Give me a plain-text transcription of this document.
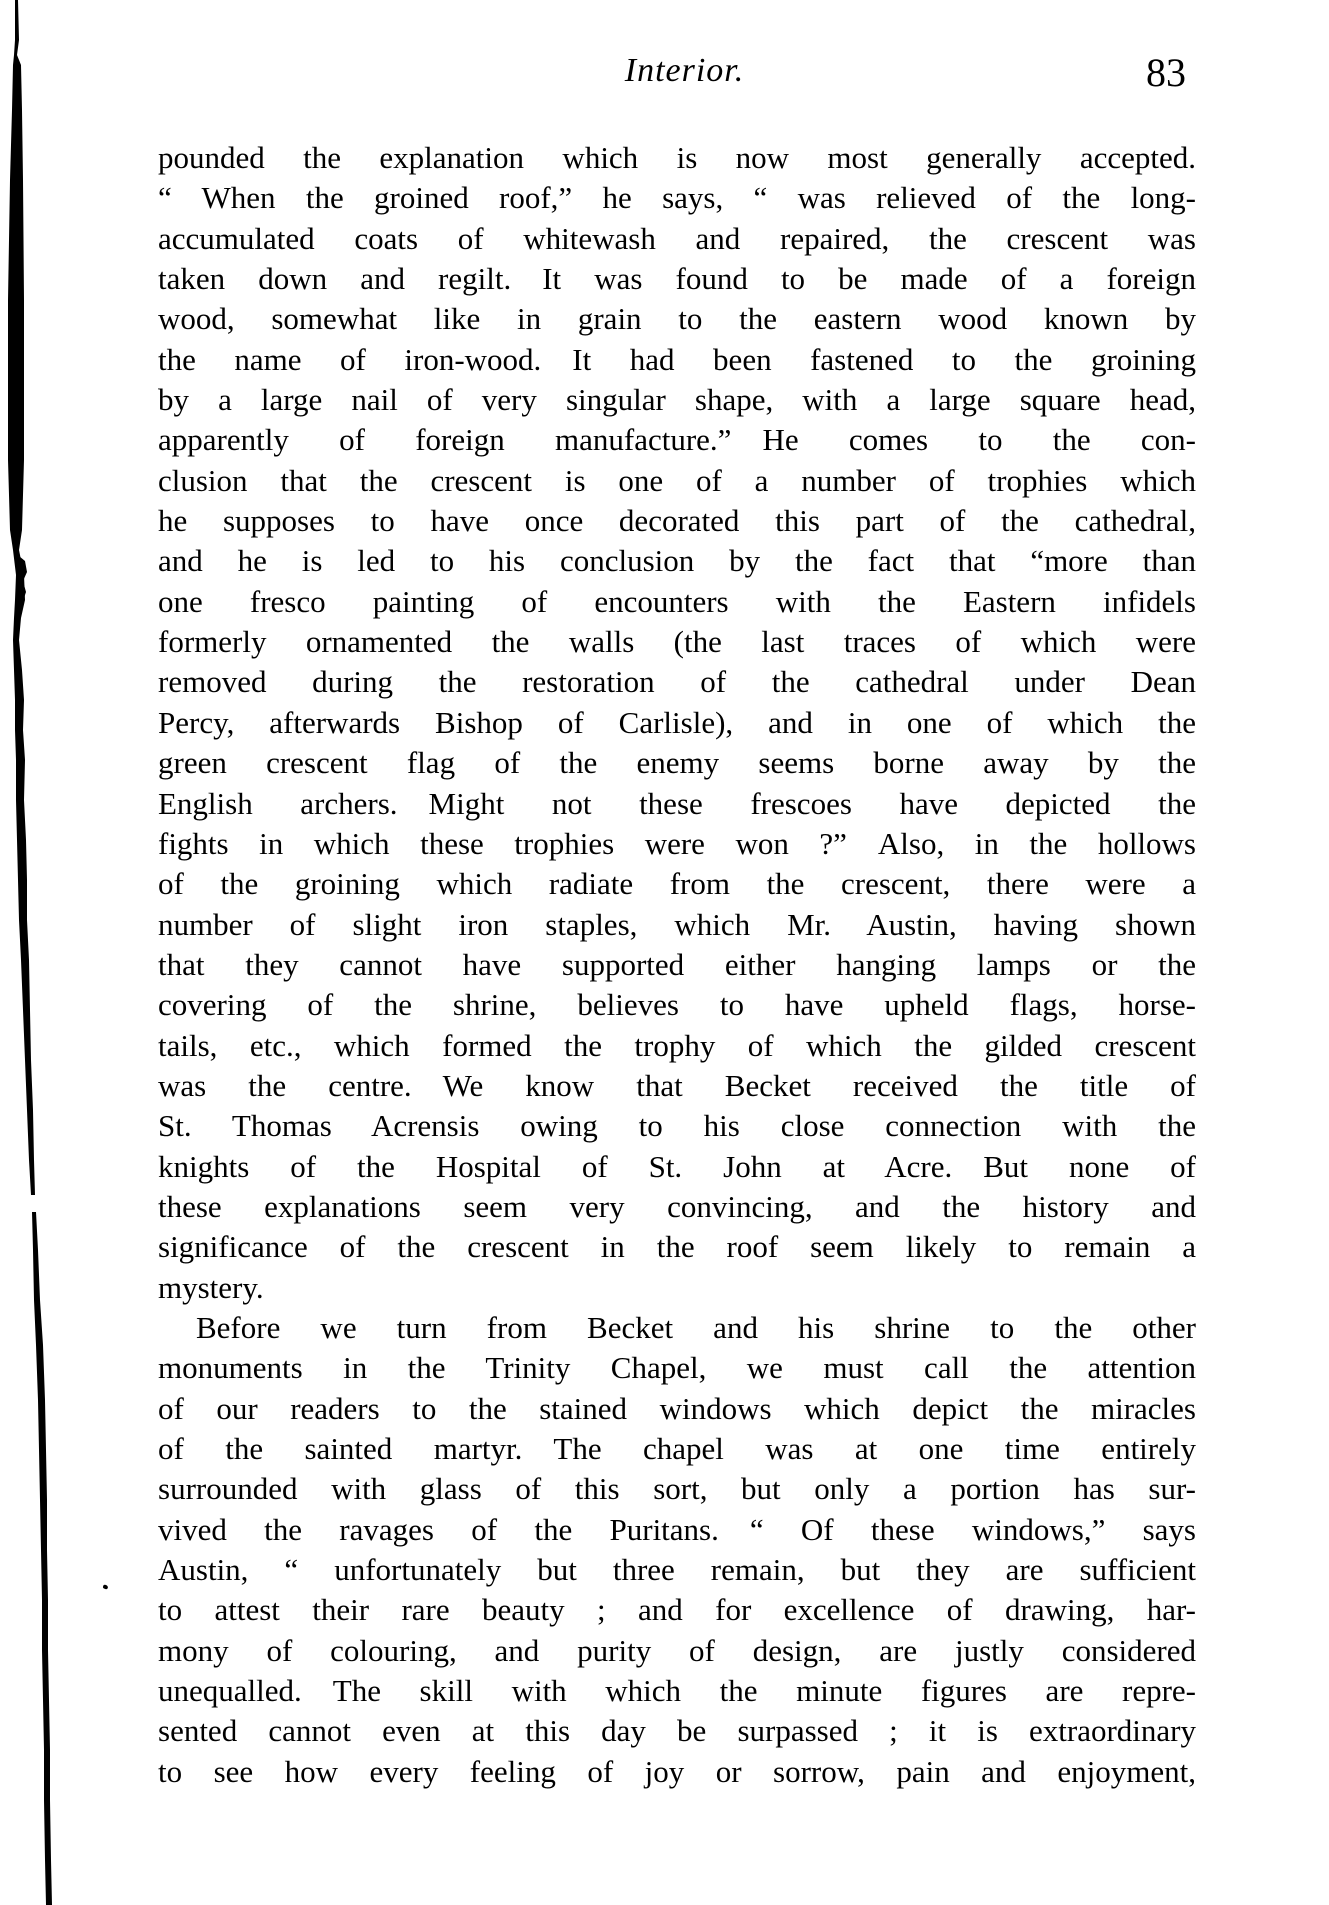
Interior.	83
pounded the explanation which is now most generally accepted.
“ When the groined roof,” he says, “ was relieved of the long-
accumulated coats of whitewash and repaired, the crescent was
taken down and regilt. It was found to be made of a foreign
wood, somewhat like in grain to the eastern wood known by
the name of iron-wood. It had been fastened to the groining
by a large nail of very singular shape, with a large square head,
apparently of foreign manufacture.” He comes to the con-
clusion that the crescent is one of a number of trophies which
he supposes to have once decorated this part of the cathedral,
and he is led to his conclusion by the fact that “more than
one fresco painting of encounters with the Eastern infidels
formerly ornamented the walls (the last traces of which were
removed during the restoration of the cathedral under Dean
Percy, afterwards Bishop of Carlisle), and in one of which the
green crescent flag of the enemy seems borne away by the
English archers. Might not these frescoes have depicted the
fights in which these trophies were won ?” Also, in the hollows
of the groining which radiate from the crescent, there were a
number of slight iron staples, which Mr. Austin, having shown
that they cannot have supported either hanging lamps or the
covering of the shrine, believes to have upheld flags, horse-
tails, etc., which formed the trophy of which the gilded crescent
was the centre. We know that Becket received the title of
St. Thomas Acrensis owing to his close connection with the
knights of the Hospital of St. John at Acre. But none of
these explanations seem very convincing, and the history and
significance of the crescent in the roof seem likely to remain a
mystery.
Before we turn from Becket and his shrine to the other
monuments in the Trinity Chapel, we must call the attention
of our readers to the stained windows which depict the miracles
of the sainted martyr. The chapel was at one time entirely
surrounded with glass of this sort, but only a portion has sur-
vived the ravages of the Puritans. “ Of these windows,” says
Austin, “ unfortunately but three remain, but they are sufficient
to attest their rare beauty ; and for excellence of drawing, har-
mony of colouring, and purity of design, are justly considered
unequalled. The skill with which the minute figures are repre-
sented cannot even at this day be surpassed ; it is extraordinary
to see how every feeling of joy or sorrow, pain and enjoyment,
